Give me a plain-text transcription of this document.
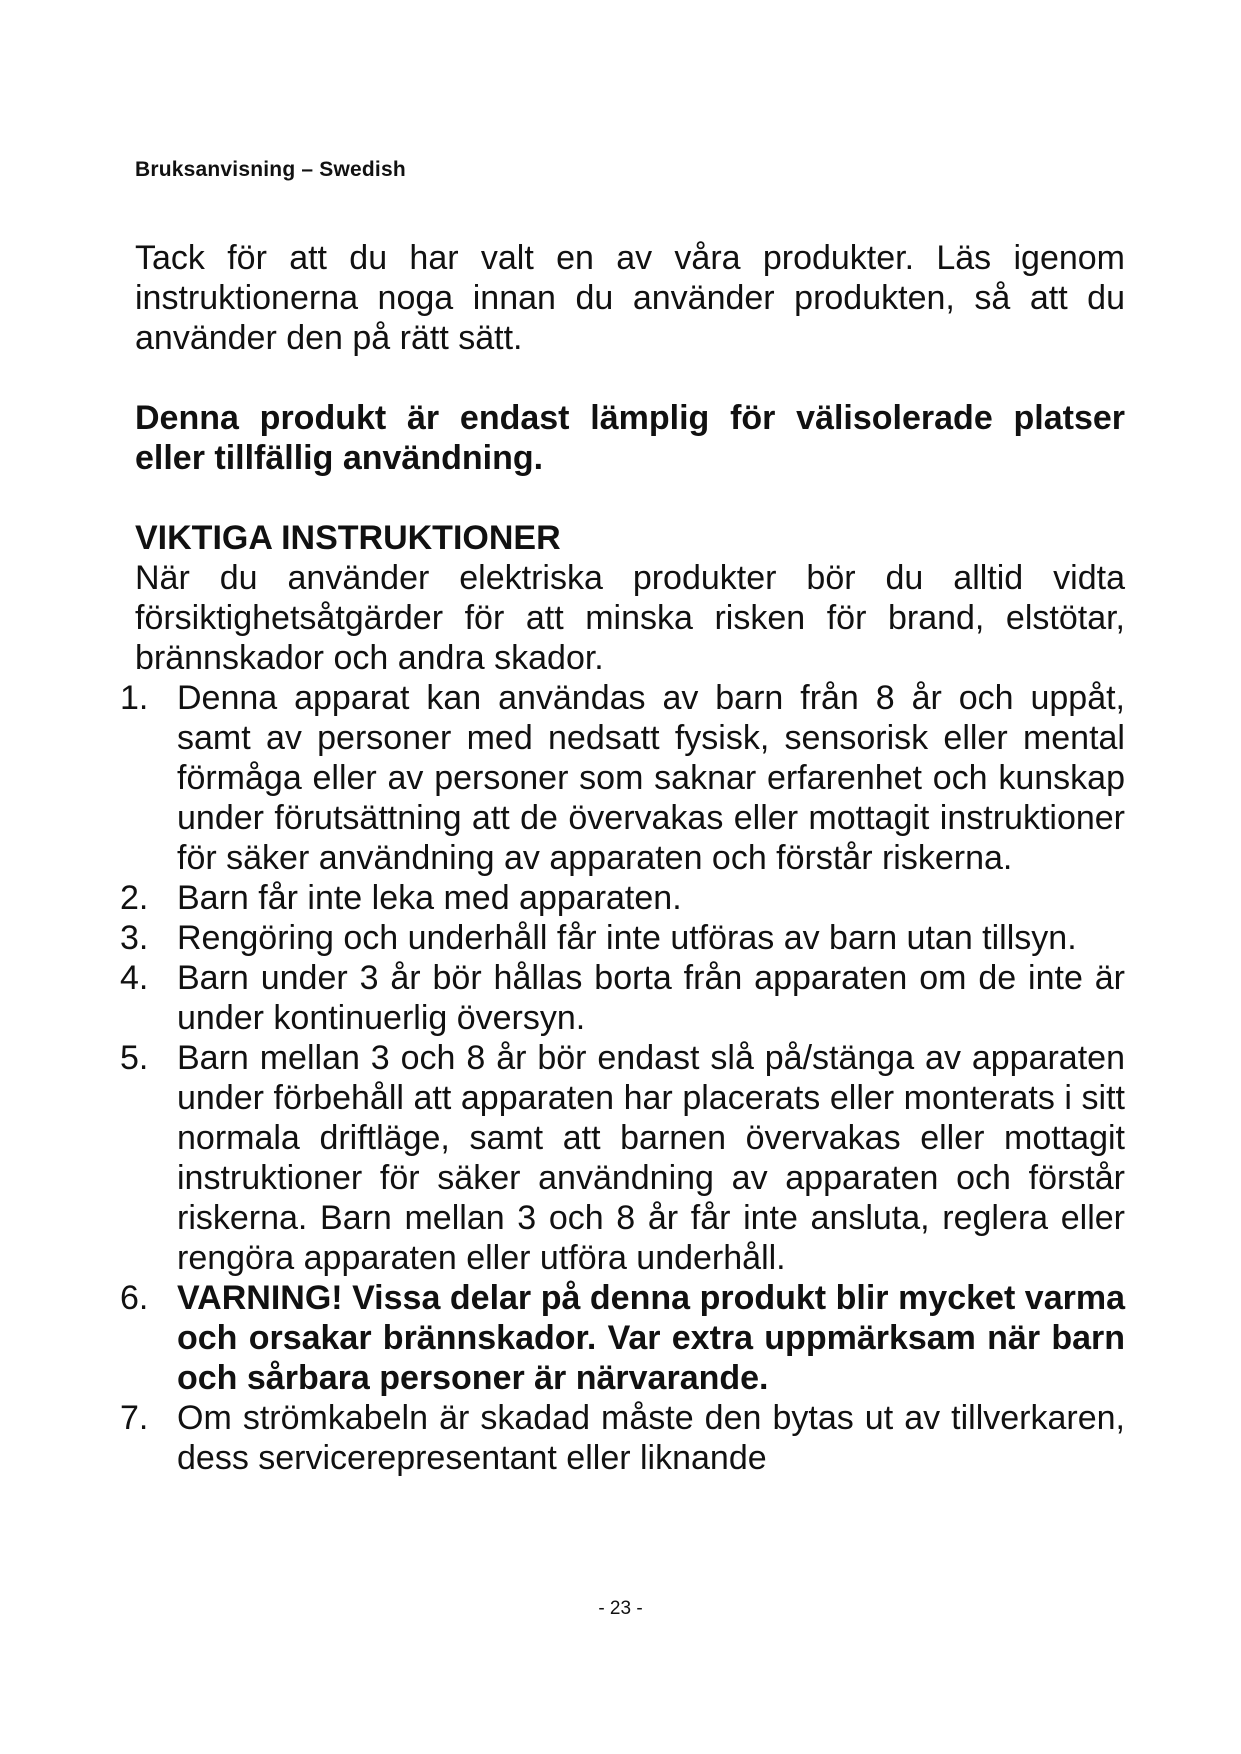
Bruksanvisning – Swedish

Tack för att du har valt en av våra produkter. Läs igenom instruktionerna noga innan du använder produkten, så att du använder den på rätt sätt.

Denna produkt är endast lämplig för välisolerade platser eller tillfällig användning.

VIKTIGA INSTRUKTIONER

När du använder elektriska produkter bör du alltid vidta försiktighetsåtgärder för att minska risken för brand, elstötar, brännskador och andra skador.

1. Denna apparat kan användas av barn från 8 år och uppåt, samt av personer med nedsatt fysisk, sensorisk eller mental förmåga eller av personer som saknar erfarenhet och kunskap under förutsättning att de övervakas eller mottagit instruktioner för säker användning av apparaten och förstår riskerna.
2. Barn får inte leka med apparaten.
3. Rengöring och underhåll får inte utföras av barn utan tillsyn.
4. Barn under 3 år bör hållas borta från apparaten om de inte är under kontinuerlig översyn.
5. Barn mellan 3 och 8 år bör endast slå på/stänga av apparaten under förbehåll att apparaten har placerats eller monterats i sitt normala driftläge, samt att barnen övervakas eller mottagit instruktioner för säker användning av apparaten och förstår riskerna. Barn mellan 3 och 8 år får inte ansluta, reglera eller rengöra apparaten eller utföra underhåll.
6. VARNING! Vissa delar på denna produkt blir mycket varma och orsakar brännskador. Var extra uppmärksam när barn och sårbara personer är närvarande.
7. Om strömkabeln är skadad måste den bytas ut av tillverkaren, dess servicerepresentant eller liknande
- 23 -
